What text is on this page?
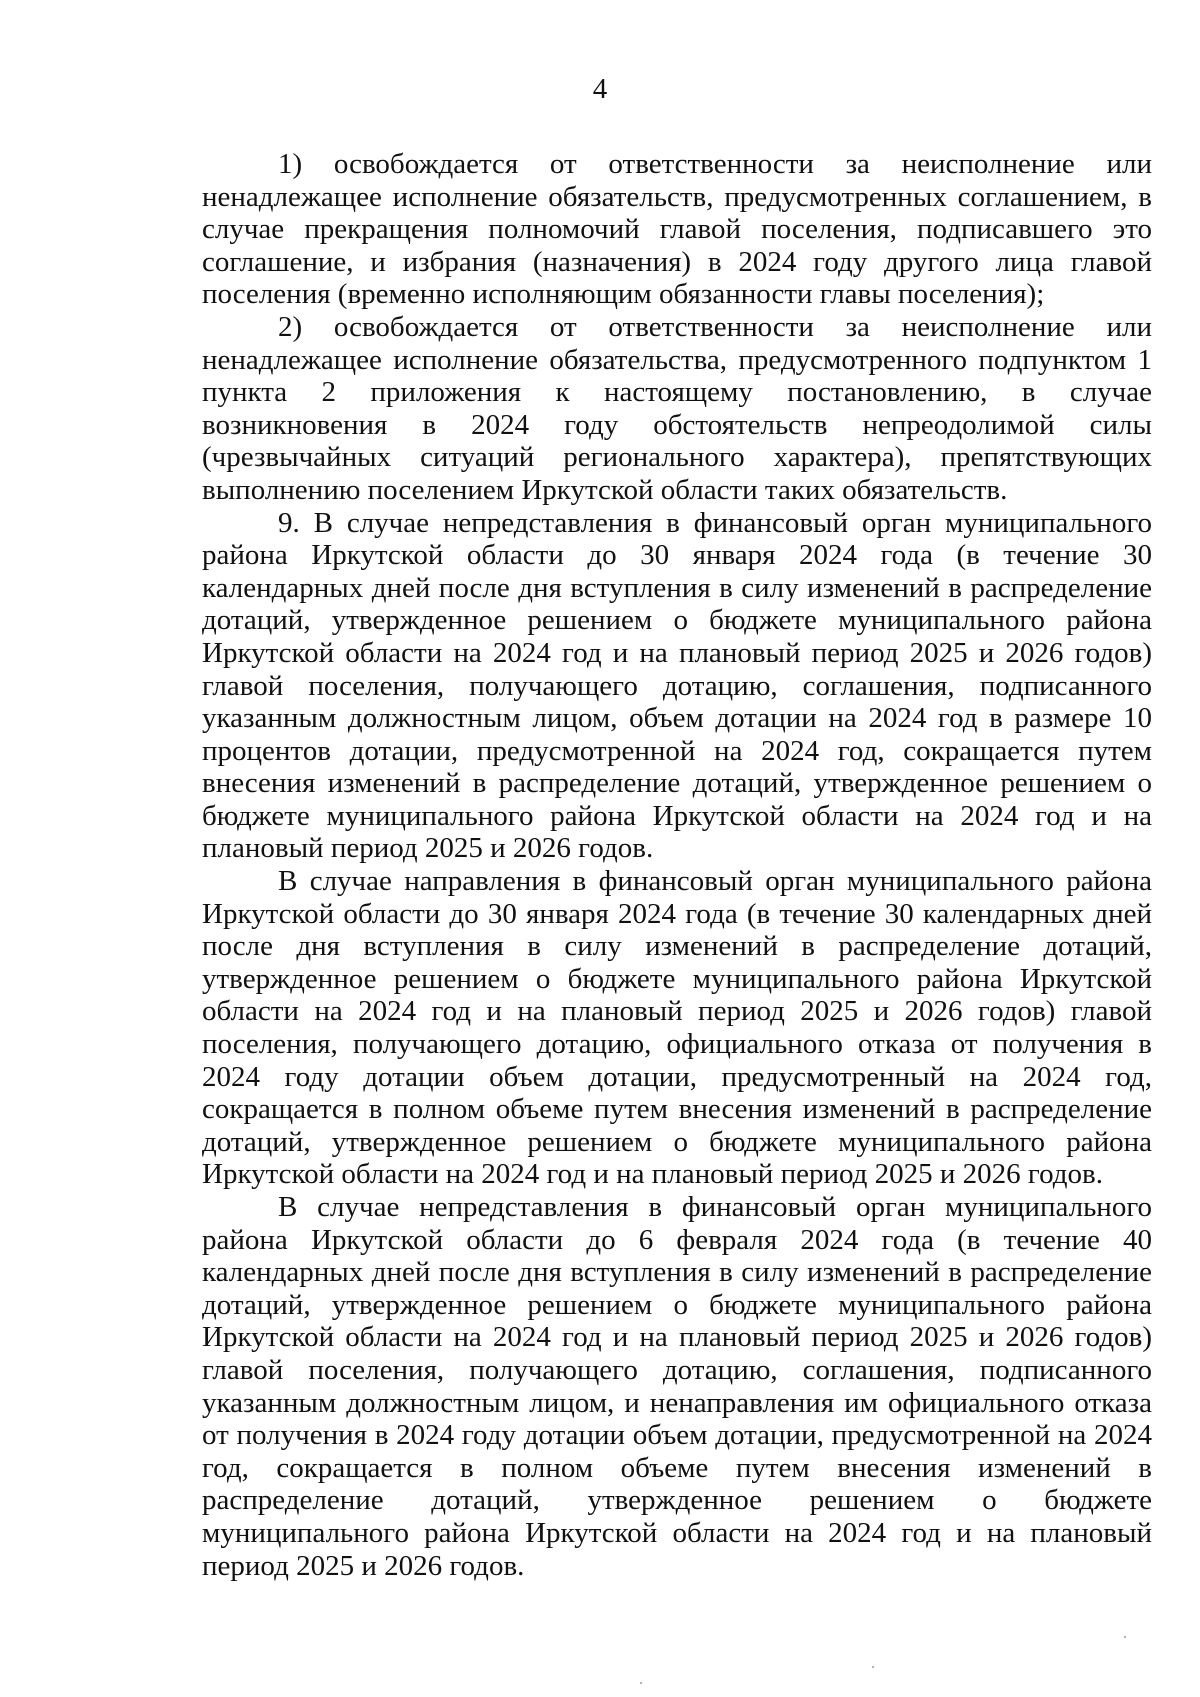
4

1) освобождается от ответственности за неисполнение или ненадлежащее исполнение обязательств, предусмотренных соглашением, в случае прекращения полномочий главой поселения, подписавшего это соглашение, и избрания (назначения) в 2024 году другого лица главой поселения (временно исполняющим обязанности главы поселения);

2) освобождается от ответственности за неисполнение или ненадлежащее исполнение обязательства, предусмотренного подпунктом 1 пункта 2 приложения к настоящему постановлению, в случае возникновения в 2024 году обстоятельств непреодолимой силы (чрезвычайных ситуаций регионального характера), препятствующих выполнению поселением Иркутской области таких обязательств.

9. В случае непредставления в финансовый орган муниципального района Иркутской области до 30 января 2024 года (в течение 30 календарных дней после дня вступления в силу изменений в распределение дотаций, утвержденное решением о бюджете муниципального района Иркутской области на 2024 год и на плановый период 2025 и 2026 годов) главой поселения, получающего дотацию, соглашения, подписанного указанным должностным лицом, объем дотации на 2024 год в размере 10 процентов дотации, предусмотренной на 2024 год, сокращается путем внесения изменений в распределение дотаций, утвержденное решением о бюджете муниципального района Иркутской области на 2024 год и на плановый период 2025 и 2026 годов.

В случае направления в финансовый орган муниципального района Иркутской области до 30 января 2024 года (в течение 30 календарных дней после дня вступления в силу изменений в распределение дотаций, утвержденное решением о бюджете муниципального района Иркутской области на 2024 год и на плановый период 2025 и 2026 годов) главой поселения, получающего дотацию, официального отказа от получения в 2024 году дотации объем дотации, предусмотренный на 2024 год, сокращается в полном объеме путем внесения изменений в распределение дотаций, утвержденное решением о бюджете муниципального района Иркутской области на 2024 год и на плановый период 2025 и 2026 годов.

В случае непредставления в финансовый орган муниципального района Иркутской области до 6 февраля 2024 года (в течение 40 календарных дней после дня вступления в силу изменений в распределение дотаций, утвержденное решением о бюджете муниципального района Иркутской области на 2024 год и на плановый период 2025 и 2026 годов) главой поселения, получающего дотацию, соглашения, подписанного указанным должностным лицом, и ненаправления им официального отказа от получения в 2024 году дотации объем дотации, предусмотренной на 2024 год, сокращается в полном объеме путем внесения изменений в распределение дотаций, утвержденное решением о бюджете муниципального района Иркутской области на 2024 год и на плановый период 2025 и 2026 годов.
